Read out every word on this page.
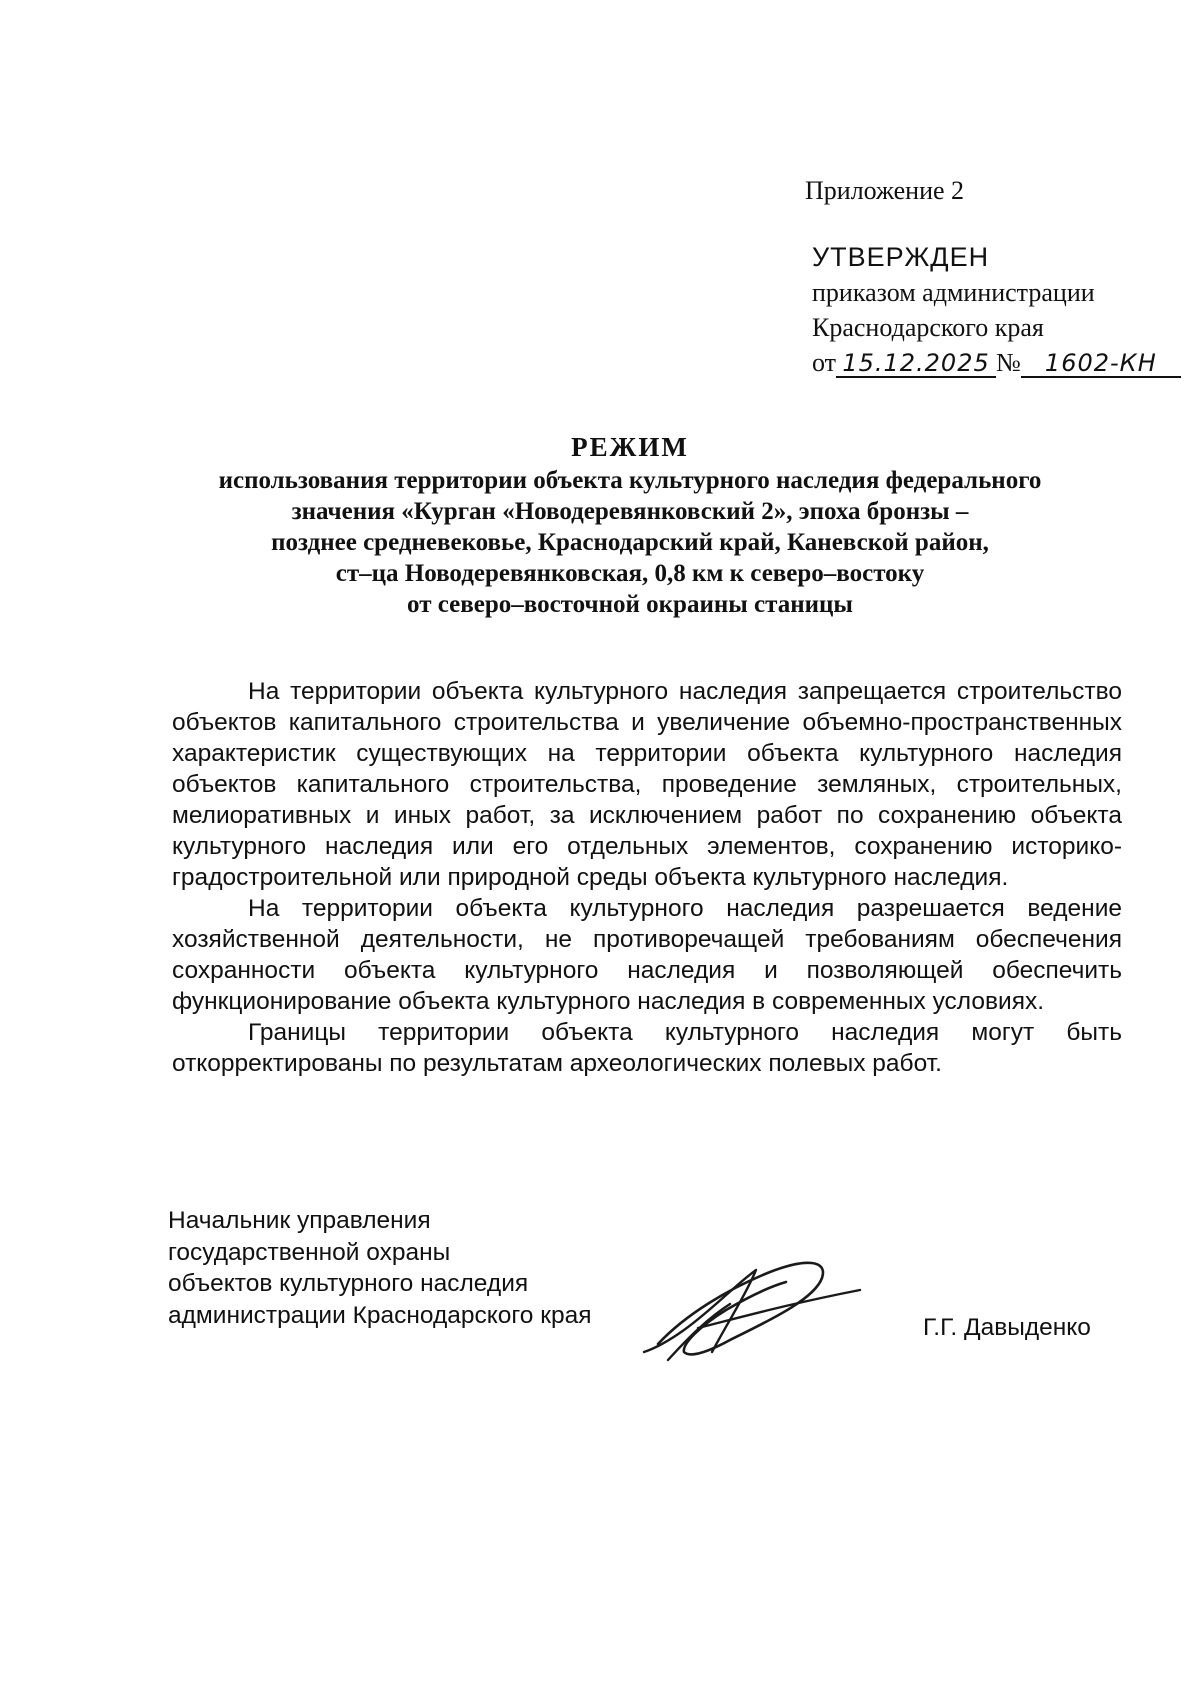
Приложение 2
УТВЕРЖДЕН
приказом администрации
Краснодарского края
от 15.12.2025 № 1602-КН
РЕЖИМ
использования территории объекта культурного наследия федерального
значения «Курган «Новодеревянковский 2», эпоха бронзы –
позднее средневековье, Краснодарский край, Каневской район,
ст–ца Новодеревянковская, 0,8 км к северо–востоку
от северо–восточной окраины станицы

На территории объекта культурного наследия запрещается строительство объектов капитального строительства и увеличение объемно-пространственных характеристик существующих на территории объекта культурного наследия объектов капитального строительства, проведение земляных, строительных, мелиоративных и иных работ, за исключением работ по сохранению объекта культурного наследия или его отдельных элементов, сохранению историко-градостроительной или природной среды объекта культурного наследия.

На территории объекта культурного наследия разрешается ведение хозяйственной деятельности, не противоречащей требованиям обеспечения сохранности объекта культурного наследия и позволяющей обеспечить функционирование объекта культурного наследия в современных условиях.

Границы территории объекта культурного наследия могут быть откорректированы по результатам археологических полевых работ.

Начальник управления
государственной охраны
объектов культурного наследия
администрации Краснодарского края	Г.Г. Давыденко
